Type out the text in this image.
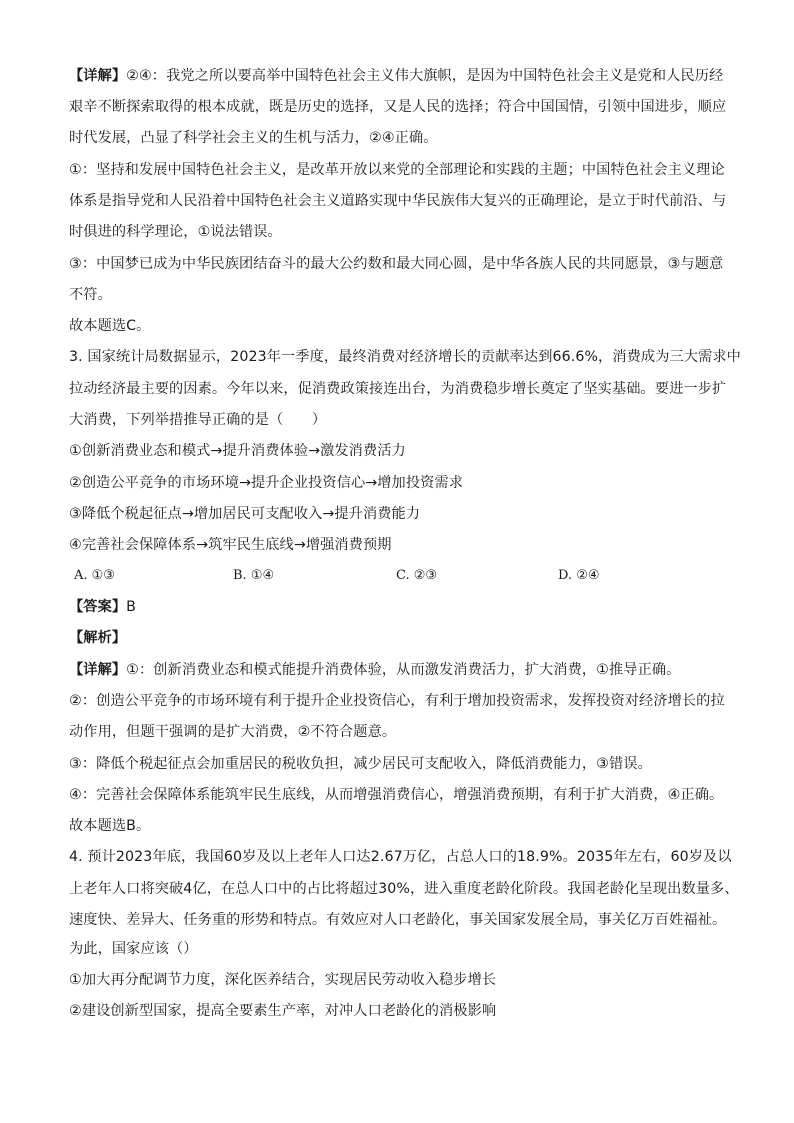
【详解】②④：我党之所以要高举中国特色社会主义伟大旗帜，是因为中国特色社会主义是党和人民历经
艰辛不断探索取得的根本成就，既是历史的选择，又是人民的选择；符合中国国情，引领中国进步，顺应
时代发展，凸显了科学社会主义的生机与活力，②④正确。
①：坚持和发展中国特色社会主义，是改革开放以来党的全部理论和实践的主题；中国特色社会主义理论
体系是指导党和人民沿着中国特色社会主义道路实现中华民族伟大复兴的正确理论，是立于时代前沿、与
时俱进的科学理论，①说法错误。
③：中国梦已成为中华民族团结奋斗的最大公约数和最大同心圆，是中华各族人民的共同愿景，③与题意
不符。
故本题选C。
3. 国家统计局数据显示，2023年一季度，最终消费对经济增长的贡献率达到66.6%，消费成为三大需求中
拉动经济最主要的因素。今年以来，促消费政策接连出台，为消费稳步增长奠定了坚实基础。要进一步扩
大消费，下列举措推导正确的是（　　）
①创新消费业态和模式→提升消费体验→激发消费活力
②创造公平竞争的市场环境→提升企业投资信心→增加投资需求
③降低个税起征点→增加居民可支配收入→提升消费能力
④完善社会保障体系→筑牢民生底线→增强消费预期
A. ①③	B. ①④	C. ②③	D. ②④
【答案】B
【解析】
【详解】①：创新消费业态和模式能提升消费体验，从而激发消费活力，扩大消费，①推导正确。
②：创造公平竞争的市场环境有利于提升企业投资信心，有利于增加投资需求，发挥投资对经济增长的拉
动作用，但题干强调的是扩大消费，②不符合题意。
③：降低个税起征点会加重居民的税收负担，减少居民可支配收入，降低消费能力，③错误。
④：完善社会保障体系能筑牢民生底线，从而增强消费信心，增强消费预期，有利于扩大消费，④正确。
故本题选B。
4. 预计2023年底，我国60岁及以上老年人口达2.67万亿，占总人口的18.9%。2035年左右，60岁及以
上老年人口将突破4亿，在总人口中的占比将超过30%，进入重度老龄化阶段。我国老龄化呈现出数量多、
速度快、差异大、任务重的形势和特点。有效应对人口老龄化，事关国家发展全局，事关亿万百姓福祉。
为此，国家应该（）
①加大再分配调节力度，深化医养结合，实现居民劳动收入稳步增长
②建设创新型国家，提高全要素生产率，对冲人口老龄化的消极影响
